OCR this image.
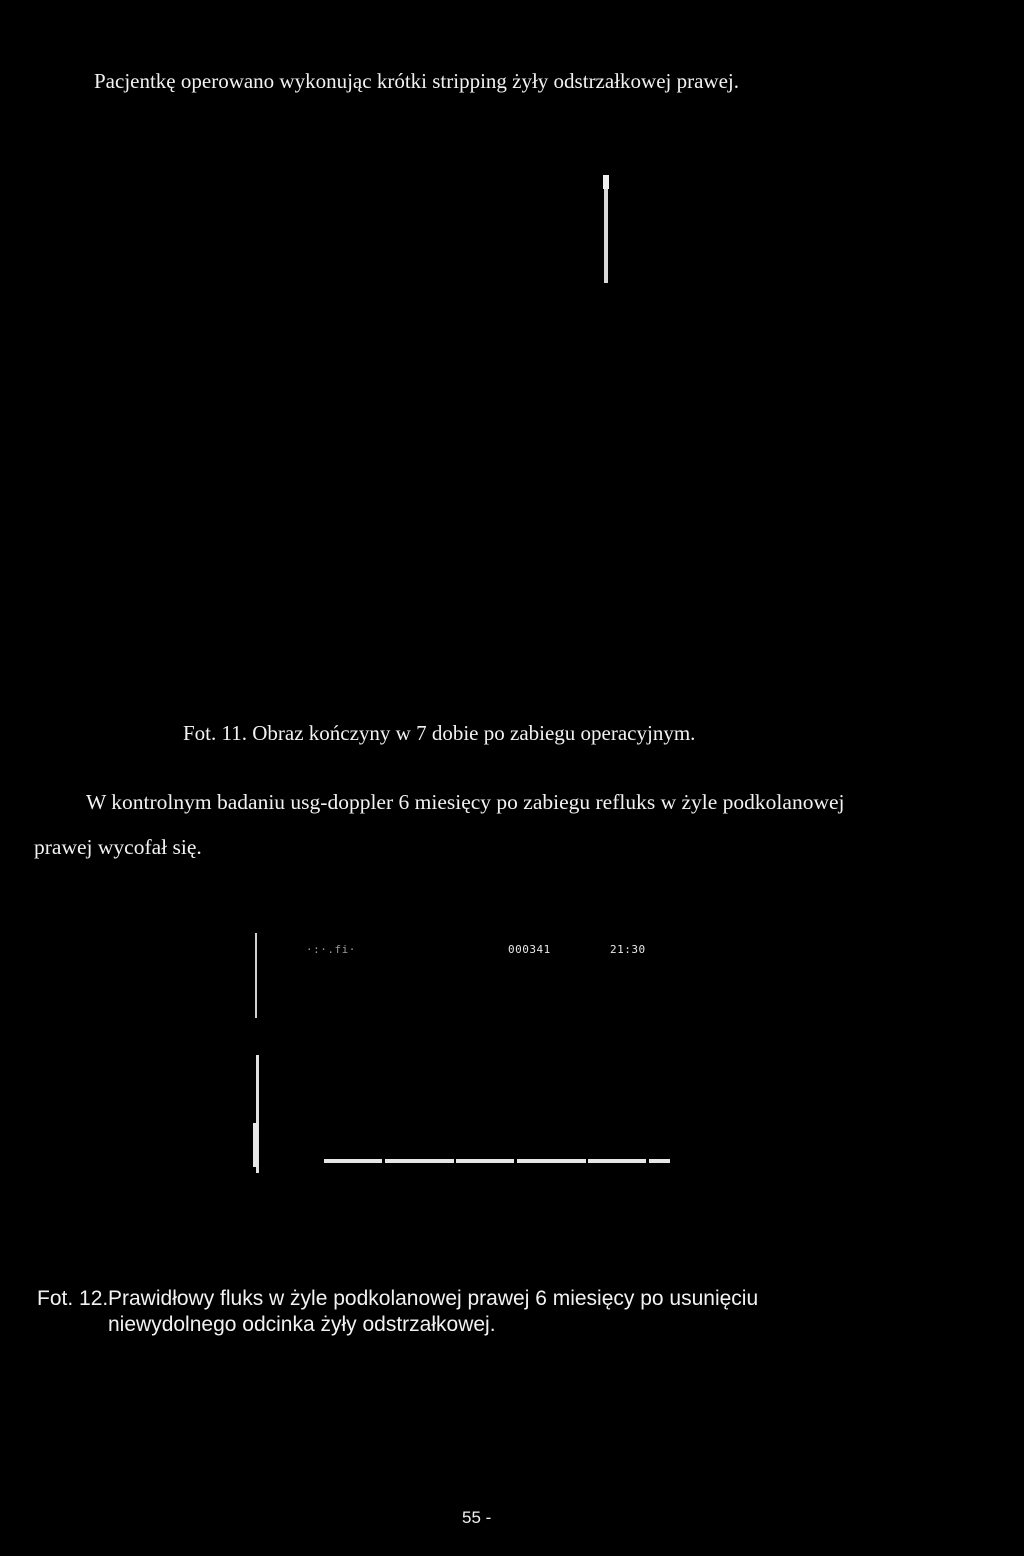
Pacjentkę operowano wykonując krótki stripping żyły odstrzałkowej prawej.
Fot. 11. Obraz kończyny w 7 dobie po zabiegu operacyjnym.
W kontrolnym badaniu usg-doppler 6 miesięcy po zabiegu refluks w żyle podkolanowej
prawej wycofał się.
·:·.fi·	000341	21:30
55 -
Fot. 12. Prawidłowy fluks w żyle podkolanowej prawej 6 miesięcy po usunięciu
niewydolnego odcinka żyły odstrzałkowej.
